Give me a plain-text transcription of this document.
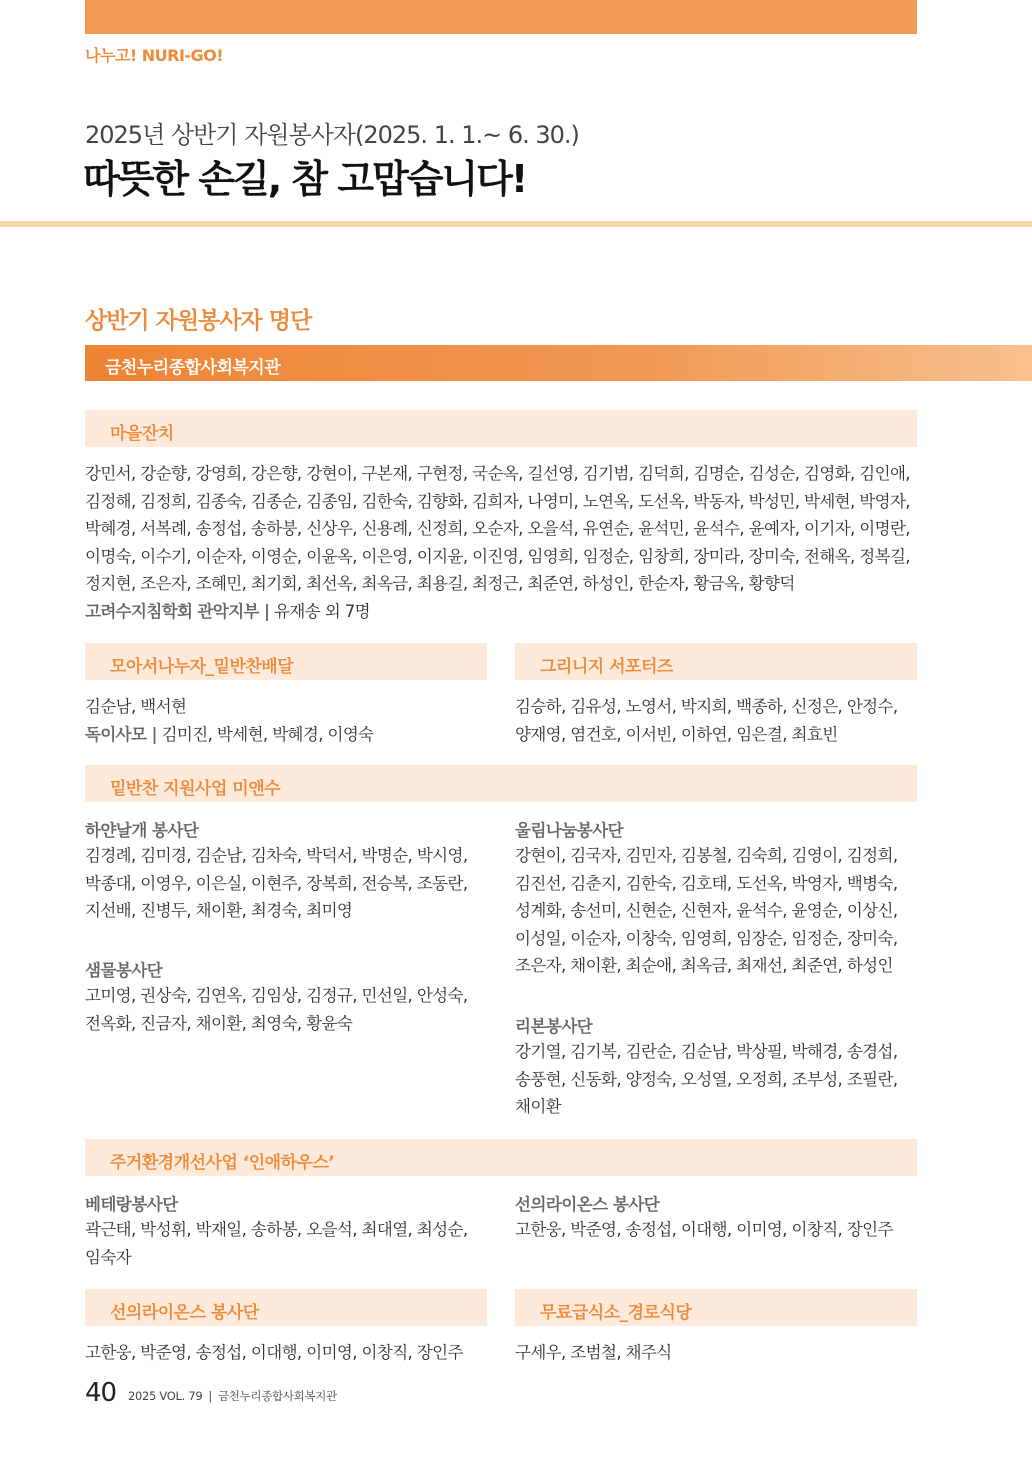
나누고! NURI-GO!
2025년 상반기 자원봉사자(2025. 1. 1.~ 6. 30.)
따뜻한 손길, 참 고맙습니다!
상반기 자원봉사자 명단
금천누리종합사회복지관
마을잔치

강민서, 강순향, 강영희, 강은향, 강현이, 구본재, 구현정, 국순옥, 길선영, 김기범, 김덕희, 김명순, 김성순, 김영화, 김인애,

김정해, 김정희, 김종숙, 김종순, 김종임, 김한숙, 김향화, 김희자, 나영미, 노연옥, 도선옥, 박동자, 박성민, 박세현, 박영자,

박혜경, 서복례, 송정섭, 송하붕, 신상우, 신용례, 신정희, 오순자, 오을석, 유연순, 윤석민, 윤석수, 윤예자, 이기자, 이명란,

이명숙, 이수기, 이순자, 이영순, 이윤옥, 이은영, 이지윤, 이진영, 임영희, 임정순, 임창희, 장미라, 장미숙, 전해옥, 정복길,

정지현, 조은자, 조혜민, 최기회, 최선옥, 최옥금, 최용길, 최정근, 최준연, 하성인, 한순자, 황금옥, 황향덕

고려수지침학회 관악지부 | 유재송 외 7명

모아서나누자_밑반찬배달	그리니지 서포터즈

김순남, 백서현

독이사모 | 김미진, 박세현, 박혜경, 이영숙

김승하, 김유성, 노영서, 박지희, 백종하, 신정은, 안정수,

양재영, 염건호, 이서빈, 이하연, 임은결, 최효빈

밑반찬 지원사업 미앤수
하얀날개 봉사단

김경례, 김미경, 김순남, 김차숙, 박덕서, 박명순, 박시영,

박종대, 이영우, 이은실, 이현주, 장복희, 전승복, 조동란,

지선배, 진병두, 채이환, 최경숙, 최미영

샘물봉사단

고미영, 권상숙, 김연옥, 김임상, 김정규, 민선일, 안성숙,

전옥화, 진금자, 채이환, 최영숙, 황윤숙

울림나눔봉사단

강현이, 김국자, 김민자, 김봉철, 김숙희, 김영이, 김정희,

김진선, 김춘지, 김한숙, 김호태, 도선옥, 박영자, 백병숙,

성계화, 송선미, 신현순, 신현자, 윤석수, 윤영순, 이상신,

이성일, 이순자, 이창숙, 임영희, 임장순, 임정순, 장미숙,

조은자, 채이환, 최순애, 최옥금, 최재선, 최준연, 하성인

리본봉사단

강기열, 김기복, 김란순, 김순남, 박상필, 박해경, 송경섭,

송풍현, 신동화, 양정숙, 오성열, 오정희, 조부성, 조필란,

채이환

주거환경개선사업 ‘인애하우스’
베테랑봉사단

곽근태, 박성휘, 박재일, 송하봉, 오을석, 최대열, 최성순,

임숙자

선의라이온스 봉사단

고한웅, 박준영, 송정섭, 이대행, 이미영, 이창직, 장인주

선의라이온스 봉사단	무료급식소_경로식당

고한웅, 박준영, 송정섭, 이대행, 이미영, 이창직, 장인주	구세우, 조범철, 채주식

40 2025 VOL. 79 | 금천누리종합사회복지관
